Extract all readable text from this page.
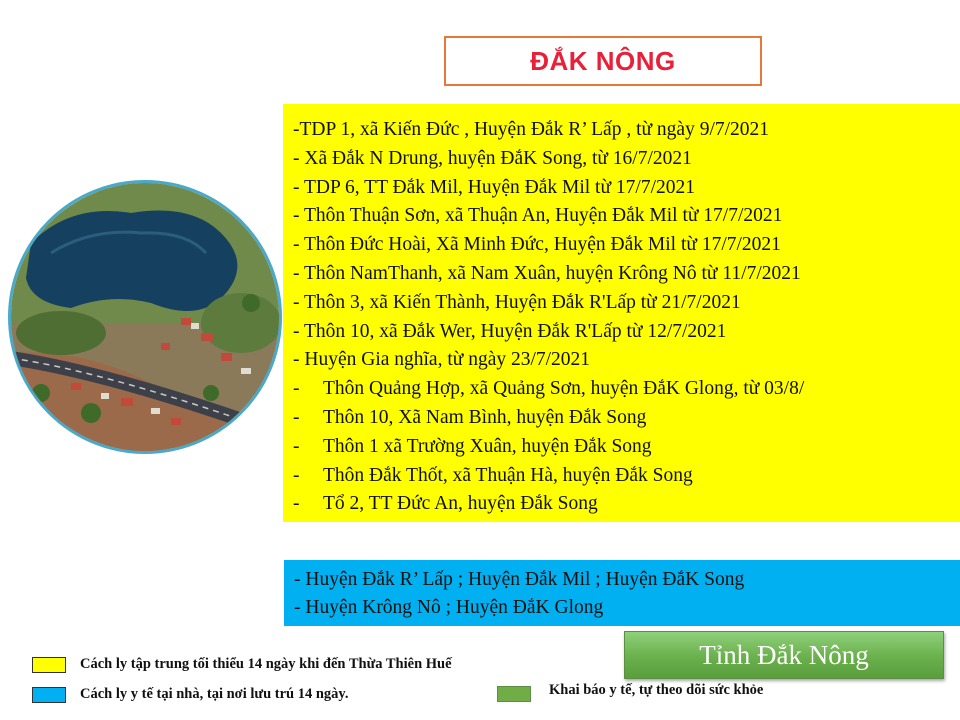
ĐẮK NÔNG
-TDP 1, xã Kiến Đức , Huyện Đắk R’ Lấp , từ ngày 9/7/2021
- Xã Đắk N Drung, huyện ĐắK Song, từ 16/7/2021
- TDP 6, TT Đắk Mil, Huyện Đắk Mil từ 17/7/2021
- Thôn Thuận Sơn, xã Thuận An, Huyện Đắk Mil từ 17/7/2021
- Thôn Đức Hoài, Xã Minh Đức, Huyện Đắk Mil từ 17/7/2021
- Thôn NamThanh, xã Nam Xuân, huyện Krông Nô từ 11/7/2021
- Thôn 3, xã Kiến Thành, Huyện Đắk R'Lấp từ 21/7/2021
- Thôn 10, xã Đắk Wer, Huyện Đắk R'Lấp từ 12/7/2021
- Huyện Gia nghĩa, từ ngày 23/7/2021
- Thôn Quảng Hợp, xã Quảng Sơn, huyện ĐắK Glong, từ 03/8/
- Thôn 10, Xã Nam Bình, huyện Đắk Song
- Thôn 1 xã Trường Xuân, huyện Đắk Song
- Thôn Đắk Thốt, xã Thuận Hà, huyện Đắk Song
- Tổ 2, TT Đức An, huyện Đắk Song
- Huyện Đắk R’ Lấp ; Huyện Đắk Mil ; Huyện ĐắK Song
- Huyện Krông Nô ; Huyện ĐắK Glong
Tỉnh Đắk Nông
Cách ly tập trung tối thiểu 14 ngày khi đến Thừa Thiên Huế
Cách ly y tế tại nhà, tại nơi lưu trú 14 ngày.	Khai báo y tế, tự theo dõi sức khỏe
